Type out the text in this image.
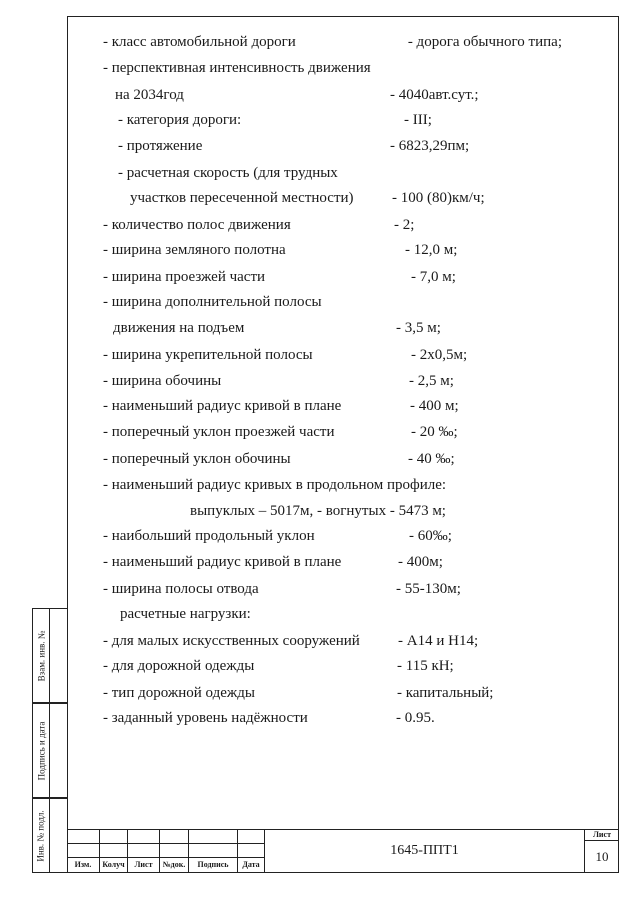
- класс автомобильной дороги	- дорога обычного типа;
- перспективная интенсивность движения
на 2034год	- 4040авт.сут.;
- категория дороги:	- III;
- протяжение	- 6823,29пм;
- расчетная скорость (для трудных
участков пересеченной местности)	- 100 (80)км/ч;
- количество полос движения	- 2;
- ширина земляного полотна	- 12,0 м;
- ширина проезжей части	- 7,0 м;
- ширина дополнительной полосы
движения на подъем	- 3,5 м;
- ширина укрепительной полосы	- 2х0,5м;
- ширина обочины	- 2,5 м;
- наименьший радиус кривой в плане	- 400 м;
- поперечный уклон проезжей части	- 20 ‰;
- поперечный уклон обочины	- 40 ‰;
- наименьший радиус кривых в продольном профиле:
выпуклых – 5017м, - вогнутых - 5473 м;
- наибольший продольный уклон	- 60‰;
- наименьший радиус кривой в плане	- 400м;
- ширина полосы отвода	- 55-130м;
расчетные нагрузки:
- для малых искусственных сооружений	- А14 и Н14;
- для дорожной одежды	- 115 кН;
- тип дорожной одежды	- капитальный;
- заданный уровень надёжности	- 0.95.
Взам. инв. №
Подпись и дата
Инв. № подл.
Изм.	Колуч	Лист	№док.	Подпись	Дата
1645-ППТ1
Лист
10
